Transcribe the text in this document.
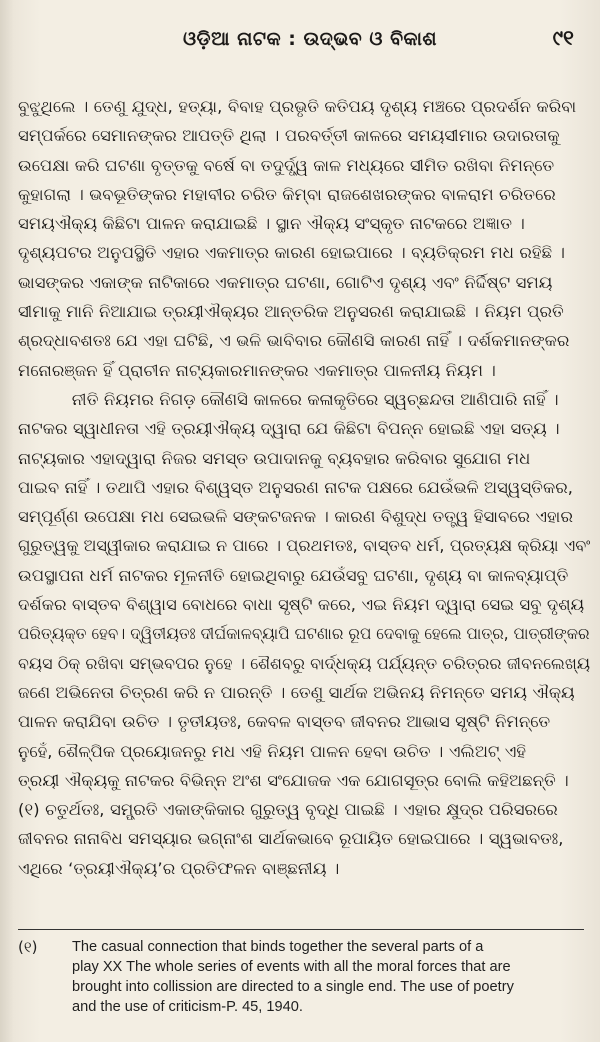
ଓଡ଼ିଆ ନାଟକ : ଉଦ୍ଭବ ଓ ବିକାଶ	୯୧
ବୁଝୁଥିଲେ । ତେଣୁ ଯୁଦ୍ଧ, ହତ୍ୟା, ବିବାହ ପ୍ରଭୃତି କତିପୟ ଦୃଶ୍ୟ ମଞ୍ଚରେ ପ୍ରଦର୍ଶନ କରିବା
ସମ୍ପର୍କରେ ସେମାନଙ୍କର ଆପତ୍ତି ଥିଲା । ପରବର୍ତ୍ତୀ କାଳରେ ସମୟସୀମାର ଉଦାରତାକୁ
ଉପେକ୍ଷା କରି ଘଟଣା ବୃତ୍ତକୁ ବର୍ଷେ ବା ତଦୁର୍ଦ୍ଧ୍ୱ କାଳ ମଧ୍ୟରେ ସୀମିତ ରଖିବା ନିମନ୍ତେ
କୁହାଗଲା । ଭବଭୂତିଙ୍କର ମହାବୀର ଚରିତ କିମ୍ବା ରାଜଶେଖରଙ୍କର ବାଳରାମ ଚରିତରେ
ସମୟଐକ୍ୟ କିଛିଟା ପାଳନ କରାଯାଇଛି । ସ୍ଥାନ ଐକ୍ୟ ସଂସ୍କୃତ ନାଟକରେ ଅଜ୍ଞାତ ।
ଦୃଶ୍ୟପଟର ଅନୁପସ୍ଥିତି ଏହାର ଏକମାତ୍ର କାରଣ ହୋଇପାରେ । ବ୍ୟତିକ୍ରମ ମଧ ରହିଛି ।
ଭାସଙ୍କର ଏକାଙ୍କ ନାଟିକାରେ ଏକମାତ୍ର ଘଟଣା, ଗୋଟିଏ ଦୃଶ୍ୟ ଏବଂ ନିର୍ଦ୍ଦିଷ୍ଟ ସମୟ
ସୀମାକୁ ମାନି ନିଆଯାଇ ତ୍ରୟୀଐକ୍ୟର ଆନ୍ତରିକ ଅନୁସରଣ କରାଯାଇଛି । ନିୟମ ପ୍ରତି
ଶ୍ରଦ୍ଧାବଶତଃ ଯେ ଏହା ଘଟିଛି, ଏ ଭଳି ଭାବିବାର କୌଣସି କାରଣ ନାହିଁ । ଦର୍ଶକମାନଙ୍କର
ମନୋରଞ୍ଜନ ହିଁ ପ୍ରାଚୀନ ନାଟ୍ୟକାରମାନଙ୍କର ଏକମାତ୍ର ପାଳନୀୟ ନିୟମ ।
ନୀତି ନିୟମର ନିଗଡ଼ କୌଣସି କାଳରେ କଳାକୃତିରେ ସ୍ୱଚ୍ଛନ୍ଦତା ଆଣିପାରି ନାହିଁ ।
ନାଟକର ସ୍ୱାଧୀନତା ଏହି ତ୍ରୟୀଐକ୍ୟ ଦ୍ୱାରା ଯେ କିଛିଟା ବିପନ୍ନ ହୋଇଛି ଏହା ସତ୍ୟ ।
ନାଟ୍ୟକାର ଏହାଦ୍ୱାରା ନିଜର ସମସ୍ତ ଉପାଦାନକୁ ବ୍ୟବହାର କରିବାର ସୁଯୋଗ ମଧ
ପାଇବ ନାହିଁ । ତଥାପି ଏହାର ବିଶ୍ୱସ୍ତ ଅନୁସରଣ ନାଟକ ପକ୍ଷରେ ଯେଉଁଭଳି ଅସ୍ୱସ୍ତିକର,
ସମ୍ପୂର୍ଣ୍ଣ ଉପେକ୍ଷା ମଧ ସେଇଭଳି ସଙ୍କଟଜନକ । କାରଣ ବିଶୁଦ୍ଧ ତତ୍ତ୍ୱ ହିସାବରେ ଏହାର
ଗୁରୁତ୍ୱକୁ ଅସ୍ୱୀକାର କରାଯାଇ ନ ପାରେ । ପ୍ରଥମତଃ, ବାସ୍ତବ ଧର୍ମ, ପ୍ରତ୍ୟକ୍ଷ କ୍ରିୟା ଏବଂ
ଉପସ୍ଥାପନା ଧର୍ମ ନାଟକର ମୂଳନୀତି ହୋଇଥିବାରୁ ଯେଉଁସବୁ ଘଟଣା, ଦୃଶ୍ୟ ବା କାଳବ୍ୟାପ୍ତି
ଦର୍ଶକର ବାସ୍ତବ ବିଶ୍ୱାସ ବୋଧରେ ବାଧା ସୃଷ୍ଟି କରେ, ଏଇ ନିୟମ ଦ୍ୱାରା ସେଇ ସବୁ ଦୃଶ୍ୟ
ପରିତ୍ୟକ୍ତ ହେବ। ଦ୍ୱିତୀୟତଃ ଦୀର୍ଘକାଳବ୍ୟାପି ଘଟଣାର ରୂପ ଦେବାକୁ ହେଲେ ପାତ୍ର, ପାତ୍ରୀଙ୍କର
ବୟସ ଠିକ୍ ରଖିବା ସମ୍ଭବପର ନୁହେ । ଶୈଶବରୁ ବାର୍ଦ୍ଧକ୍ୟ ପର୍ଯ୍ୟନ୍ତ ଚରିତ୍ରର ଜୀବନଲେଖ୍ୟ
ଜଣେ ଅଭିନେତା ଚିତ୍ରଣ କରି ନ ପାରନ୍ତି । ତେଣୁ ସାର୍ଥକ ଅଭିନୟ ନିମନ୍ତେ ସମୟ ଐକ୍ୟ
ପାଳନ କରାଯିବା ଉଚିତ । ତୃତୀୟତଃ, କେବଳ ବାସ୍ତବ ଜୀବନର ଆଭାସ ସୃଷ୍ଟି ନିମନ୍ତେ
ନୁହେଁ, ଶୈଳ୍ପିକ ପ୍ରୟୋଜନରୁ ମଧ ଏହି ନିୟମ ପାଳନ ହେବା ଉଚିତ । ଏଲିଅଟ୍ ଏହି
ତ୍ରୟୀ ଐକ୍ୟକୁ ନାଟକର ବିଭିନ୍ନ ଅଂଶ ସଂଯୋଜକ ଏକ ଯୋଗସୂତ୍ର ବୋଲି କହିଅଛନ୍ତି ।
(୧) ଚତୁର୍ଥତଃ, ସମ୍ପ୍ରତି ଏକାଙ୍କିକାର ଗୁରୁତ୍ୱ ବୃଦ୍ଧି ପାଇଛି । ଏହାର କ୍ଷୁଦ୍ର ପରିସରରେ
ଜୀବନର ନାନାବିଧ ସମସ୍ୟାର ଭଗ୍ନାଂଶ ସାର୍ଥକଭାବେ ରୂପାୟିତ ହୋଇପାରେ । ସ୍ୱଭାବତଃ,
ଏଥିରେ ‘ତ୍ରୟୀଐକ୍ୟ’ର ପ୍ରତିଫଳନ ବାଞ୍ଛନୀୟ ।
(୧) The casual connection that binds together the several parts of a
play XX The whole series of events with all the moral forces that are
brought into collission are directed to a single end. The use of poetry
and the use of criticism-P. 45, 1940.
